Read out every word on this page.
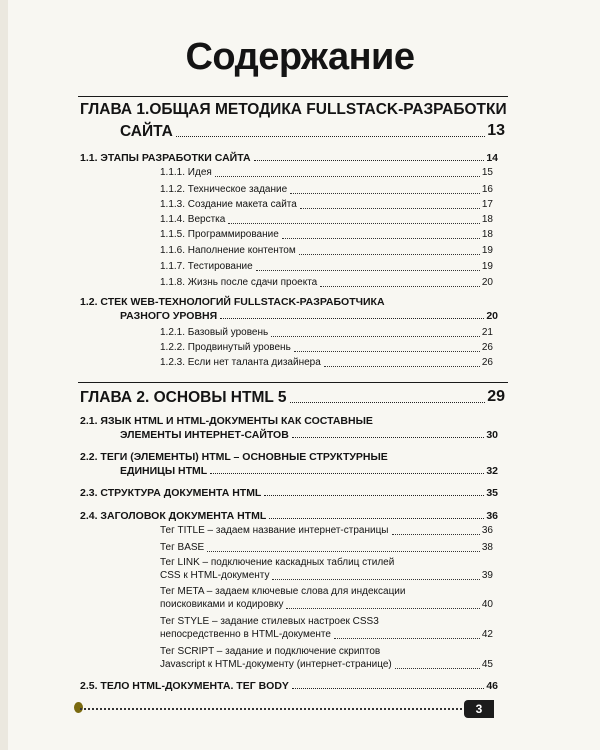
Содержание
ГЛАВА 1.ОБЩАЯ МЕТОДИКА FULLSTACK-РАЗРАБОТКИ
САЙТА	13
1.1. ЭТАПЫ РАЗРАБОТКИ САЙТА	14
1.1.1. Идея	15
1.1.2. Техническое задание	16
1.1.3. Создание макета сайта	17
1.1.4. Верстка	18
1.1.5. Программирование	18
1.1.6. Наполнение контентом	19
1.1.7. Тестирование	19
1.1.8. Жизнь после сдачи проекта	20
1.2. СТЕК WEB-ТЕХНОЛОГИЙ FULLSTACK-РАЗРАБОТЧИКА
РАЗНОГО УРОВНЯ	20
1.2.1. Базовый уровень	21
1.2.2. Продвинутый уровень	26
1.2.3. Если нет таланта дизайнера	26
ГЛАВА 2. ОСНОВЫ HTML 5	29
2.1. ЯЗЫК HTML И HTML-ДОКУМЕНТЫ КАК СОСТАВНЫЕ
ЭЛЕМЕНТЫ ИНТЕРНЕТ-САЙТОВ	30
2.2. ТЕГИ (ЭЛЕМЕНТЫ) HTML – ОСНОВНЫЕ СТРУКТУРНЫЕ
ЕДИНИЦЫ HTML	32
2.3. СТРУКТУРА ДОКУМЕНТА HTML	35
2.4. ЗАГОЛОВОК ДОКУМЕНТА HTML	36
Тег TITLE – задаем название интернет-страницы	36
Тег BASE	38
Тег LINK – подключение каскадных таблиц стилей
CSS к HTML-документу	39
Тег META – задаем ключевые слова для индексации
поисковиками и кодировку	40
Тег STYLE – задание стилевых настроек CSS3
непосредственно в HTML-документе	42
Тег SCRIPT – задание и подключение скриптов
Javascript к HTML-документу (интернет-странице)	45
2.5. ТЕЛО HTML-ДОКУМЕНТА. ТЕГ BODY	46
3
